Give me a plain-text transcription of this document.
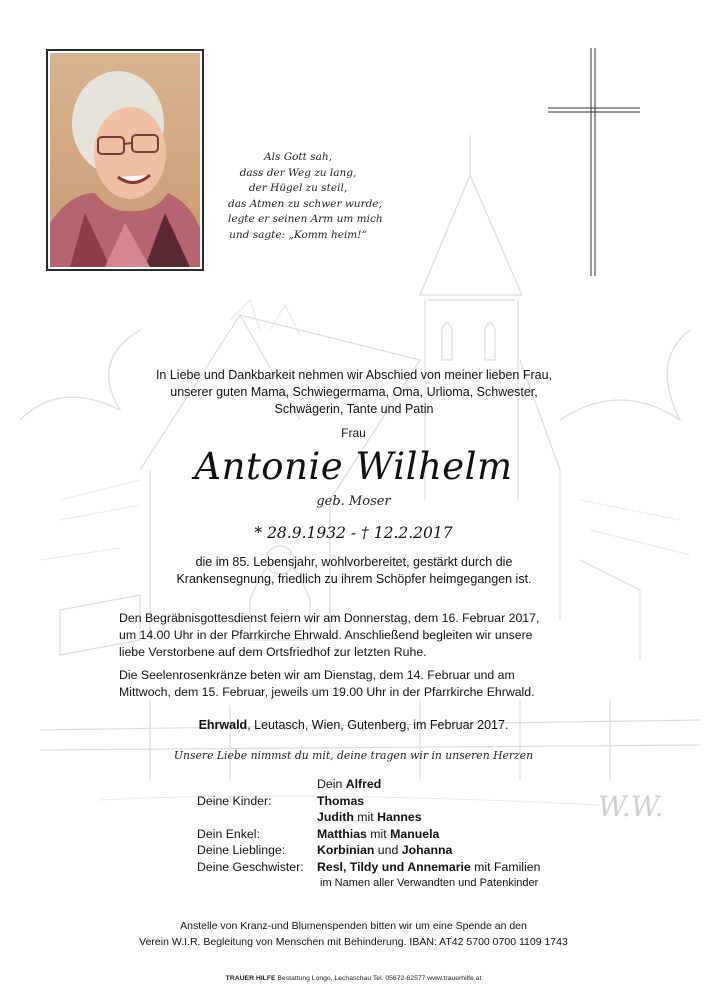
W.W.
Als Gott sah,
dass der Weg zu lang,
der Hügel zu steil,
das Atmen zu schwer wurde,
legte er seinen Arm um mich
und sagte: „Komm heim!“
In Liebe und Dankbarkeit nehmen wir Abschied von meiner lieben Frau,
unserer guten Mama, Schwiegermama, Oma, Urlioma, Schwester,
Schwägerin, Tante und Patin
Frau
Antonie Wilhelm
geb. Moser
* 28.9.1932 - † 12.2.2017
die im 85. Lebensjahr, wohlvorbereitet, gestärkt durch die
Krankensegnung, friedlich zu ihrem Schöpfer heimgegangen ist.
Den Begräbnisgottesdienst feiern wir am Donnerstag, dem 16. Februar 2017,
um 14.00 Uhr in der Pfarrkirche Ehrwald. Anschließend begleiten wir unsere
liebe Verstorbene auf dem Ortsfriedhof zur letzten Ruhe.
Die Seelenrosenkränze beten wir am Dienstag, dem 14. Februar und am
Mittwoch, dem 15. Februar, jeweils um 19.00 Uhr in der Pfarrkirche Ehrwald.
Ehrwald, Leutasch, Wien, Gutenberg, im Februar 2017.
Unsere Liebe nimmst du mit, deine tragen wir in unseren Herzen
Dein Alfred
Deine Kinder:	Thomas
Judith mit Hannes
Dein Enkel:	Matthias mit Manuela
Deine Lieblinge:	Korbinian und Johanna
Deine Geschwister:	Resl, Tildy und Annemarie mit Familien
im Namen aller Verwandten und Patenkinder
Anstelle von Kranz-und Blumenspenden bitten wir um eine Spende an den
Verein W.I.R. Begleitung von Menschen mit Behinderung. IBAN: AT42 5700 0700 1109 1743
TRAUER HILFE Bestattung Longo, Lechaschau Tel. 05672-62577 www.trauerhilfe.at
